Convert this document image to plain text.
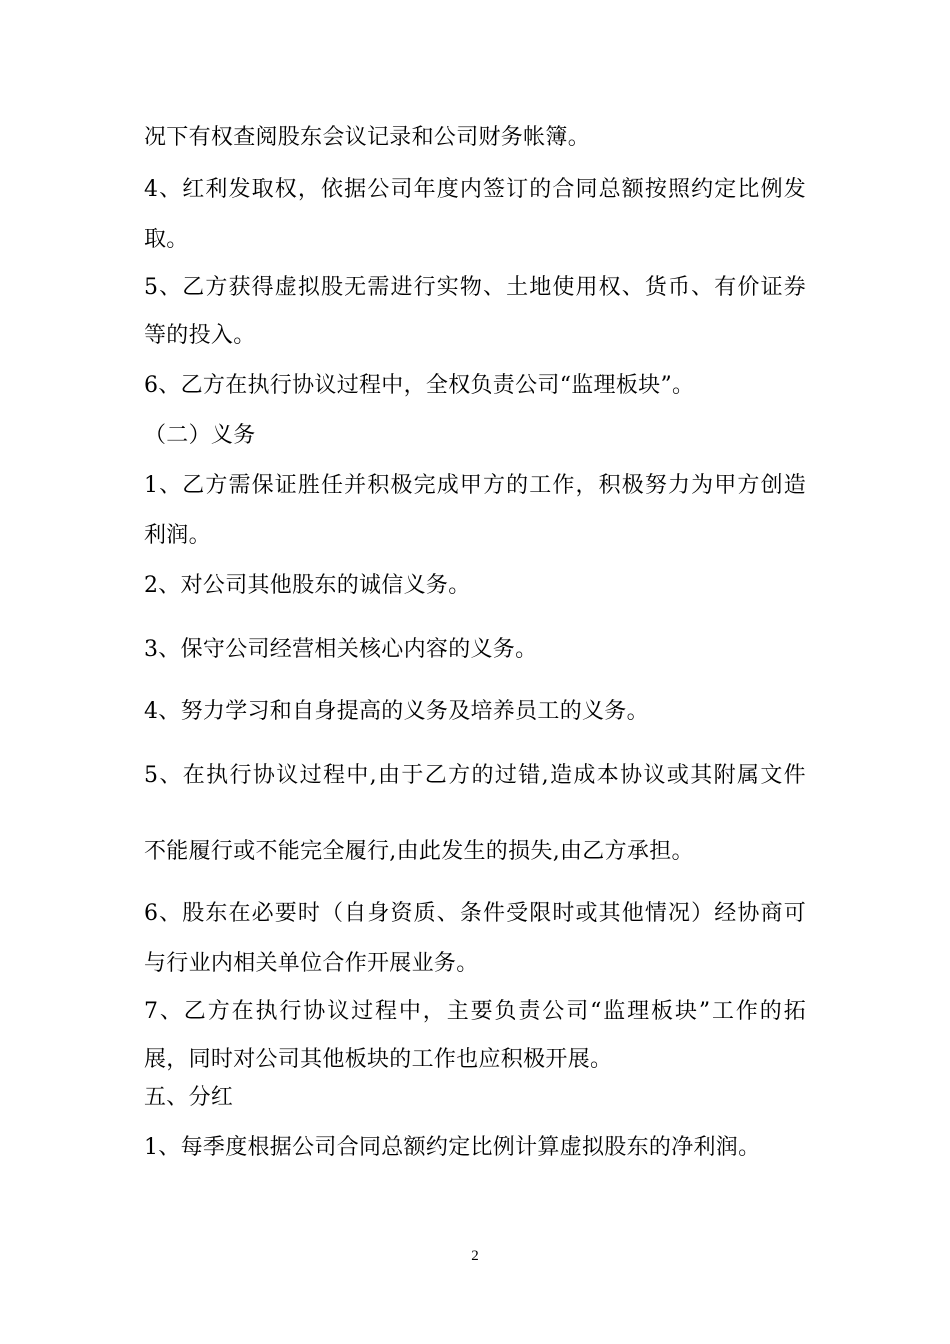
况下有权查阅股东会议记录和公司财务帐簿。
4、红利发取权，依据公司年度内签订的合同总额按照约定比例发
取。
5、乙方获得虚拟股无需进行实物、土地使用权、货币、有价证券
等的投入。
6、乙方在执行协议过程中，全权负责公司“监理板块”。
（二）义务
1、乙方需保证胜任并积极完成甲方的工作，积极努力为甲方创造
利润。
2、对公司其他股东的诚信义务。
3、保守公司经营相关核心内容的义务。
4、努力学习和自身提高的义务及培养员工的义务。
5、在执行协议过程中,由于乙方的过错,造成本协议或其附属文件
不能履行或不能完全履行,由此发生的损失,由乙方承担。
6、股东在必要时（自身资质、条件受限时或其他情况）经协商可
与行业内相关单位合作开展业务。
7、乙方在执行协议过程中，主要负责公司“监理板块”工作的拓
展，同时对公司其他板块的工作也应积极开展。
五、分红
1、每季度根据公司合同总额约定比例计算虚拟股东的净利润。
2
